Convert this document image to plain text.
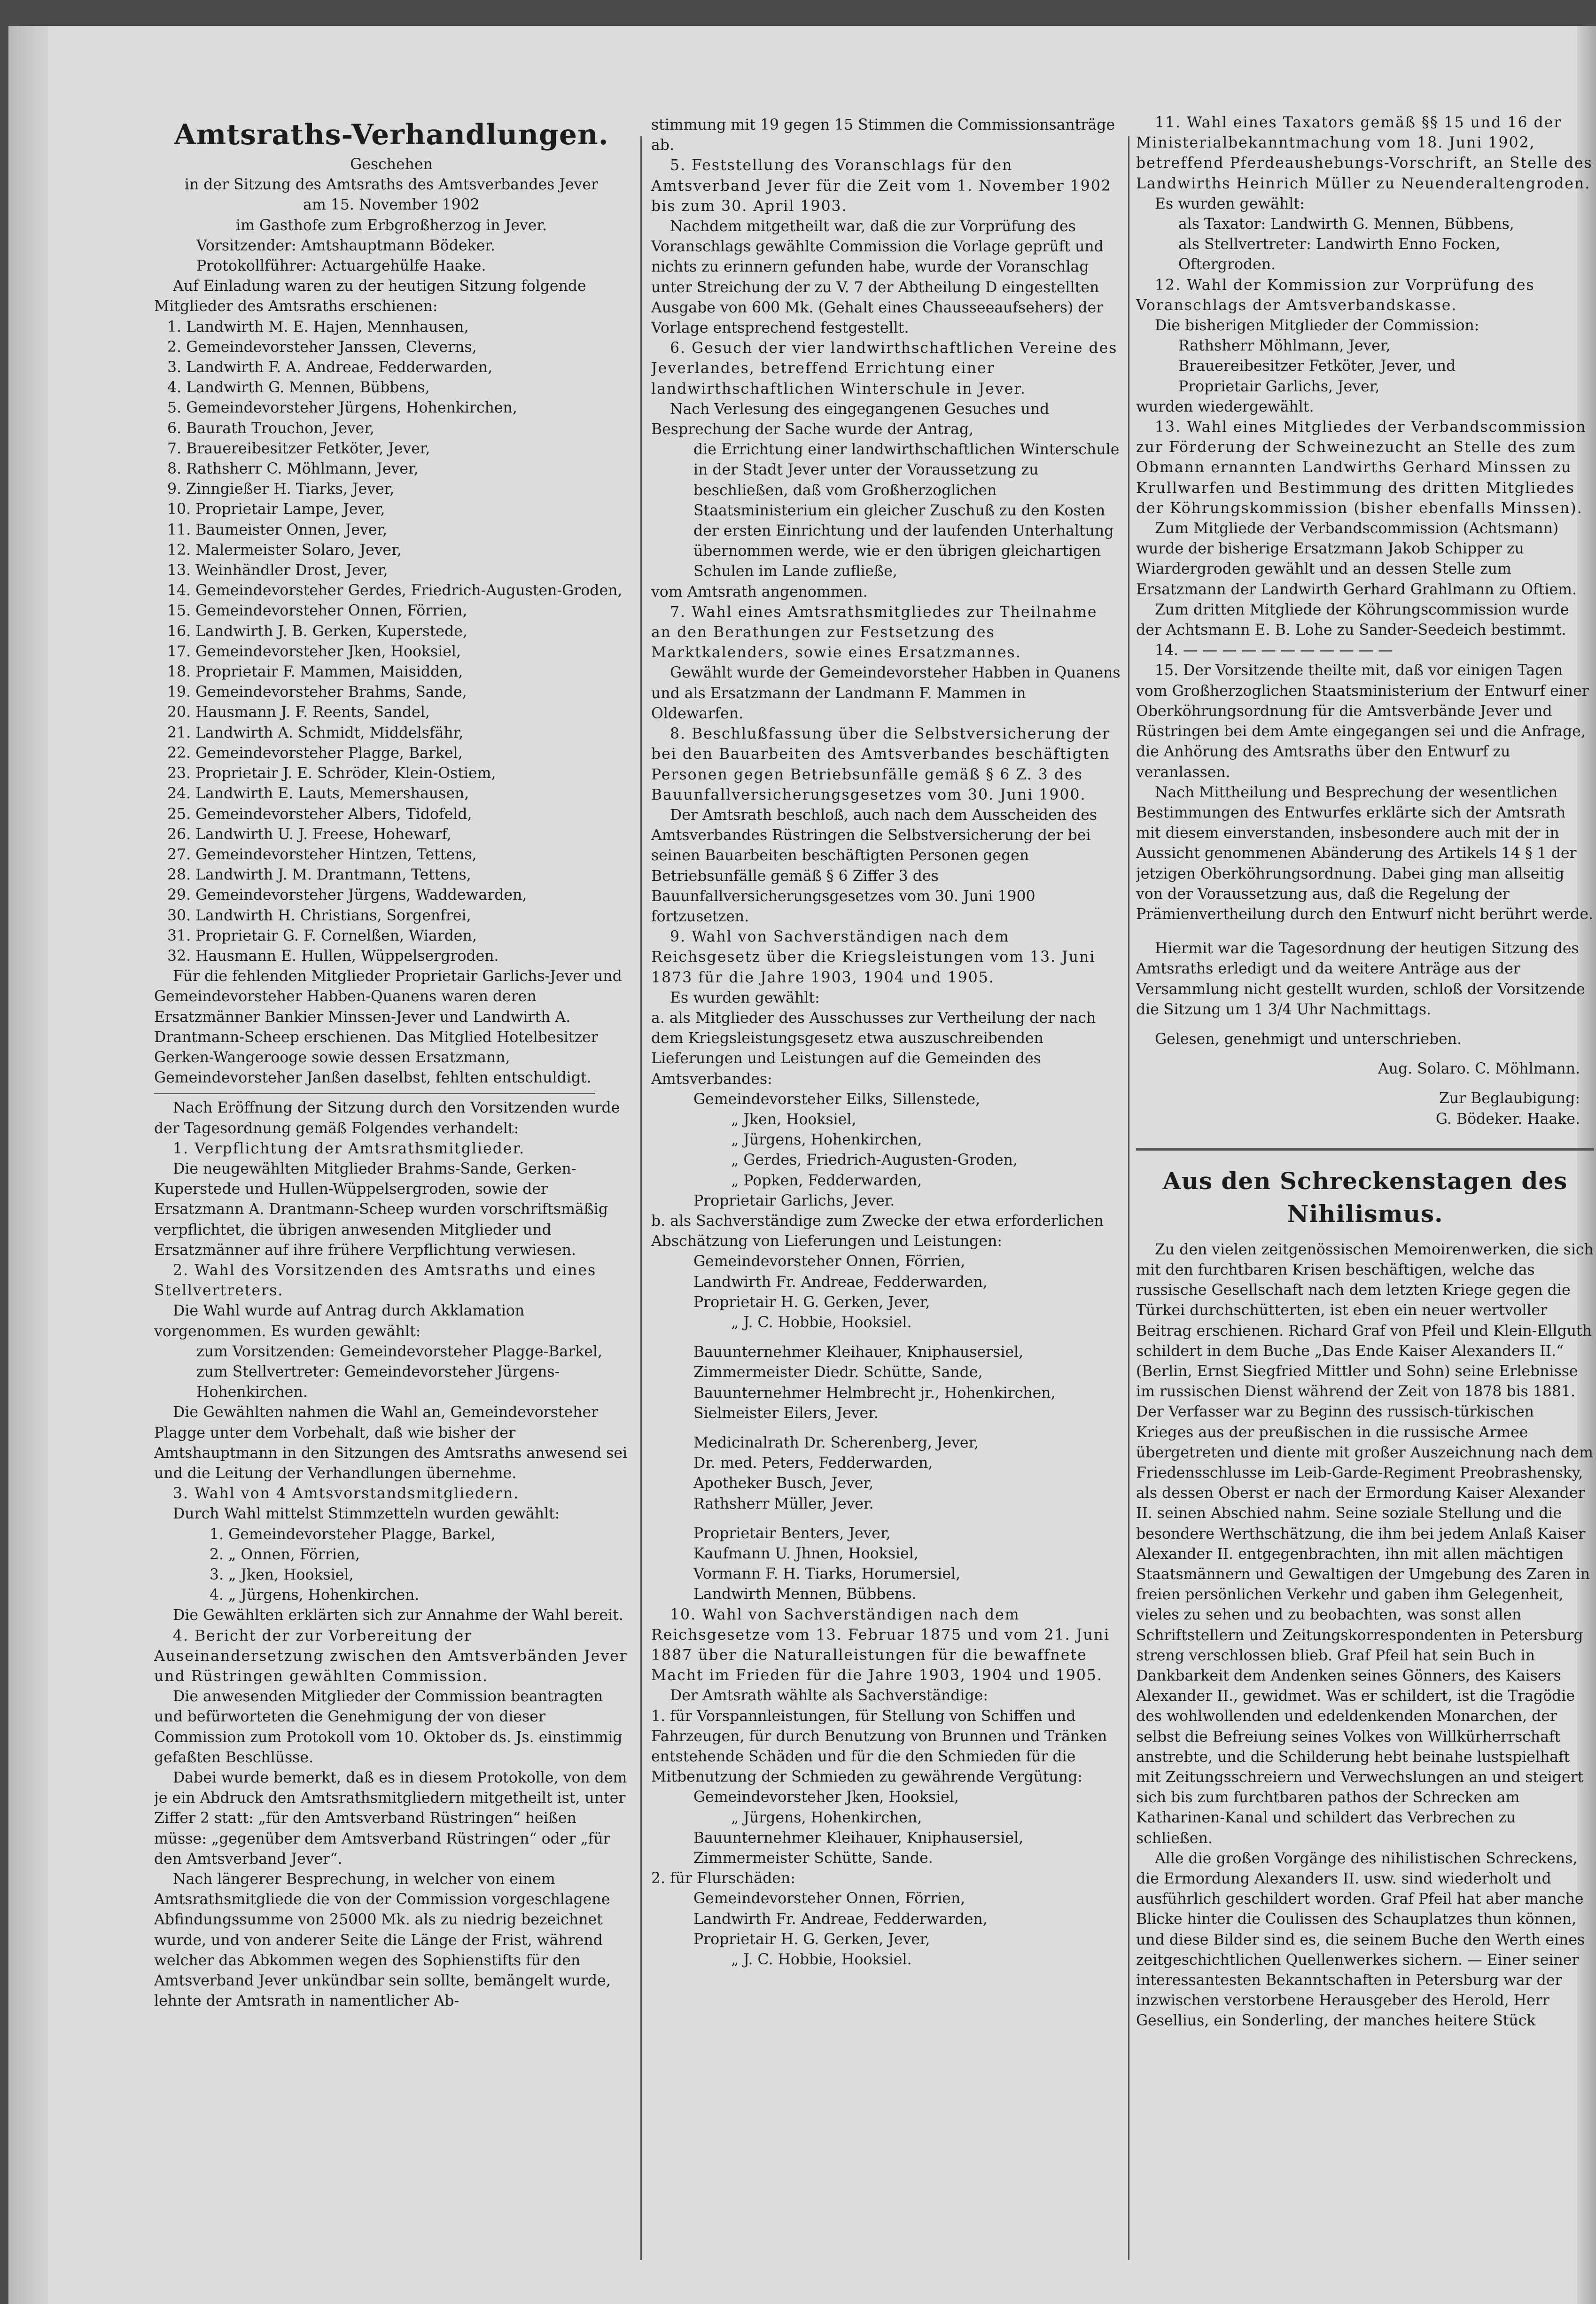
Amtsraths-Verhandlungen.
Geschehen
in der Sitzung des Amtsraths des Amtsverbandes Jever
am 15. November 1902
im Gasthofe zum Erbgroßherzog in Jever.
Vorsitzender: Amtshauptmann Bödeker.
Protokollführer: Actuargehülfe Haake.

Auf Einladung waren zu der heutigen Sitzung folgende Mitglieder des Amtsraths erschienen:

1. Landwirth M. E. Hajen, Mennhausen,
2. Gemeindevorsteher Janssen, Cleverns,
3. Landwirth F. A. Andreae, Fedderwarden,
4. Landwirth G. Mennen, Bübbens,
5. Gemeindevorsteher Jürgens, Hohenkirchen,
6. Baurath Trouchon, Jever,
7. Brauereibesitzer Fetköter, Jever,
8. Rathsherr C. Möhlmann, Jever,
9. Zinngießer H. Tiarks, Jever,
10. Proprietair Lampe, Jever,
11. Baumeister Onnen, Jever,
12. Malermeister Solaro, Jever,
13. Weinhändler Drost, Jever,
14. Gemeindevorsteher Gerdes, Friedrich-Augusten-Groden,
15. Gemeindevorsteher Onnen, Förrien,
16. Landwirth J. B. Gerken, Kuperstede,
17. Gemeindevorsteher Jken, Hooksiel,
18. Proprietair F. Mammen, Maisidden,
19. Gemeindevorsteher Brahms, Sande,
20. Hausmann J. F. Reents, Sandel,
21. Landwirth A. Schmidt, Middelsfähr,
22. Gemeindevorsteher Plagge, Barkel,
23. Proprietair J. E. Schröder, Klein-Ostiem,
24. Landwirth E. Lauts, Memershausen,
25. Gemeindevorsteher Albers, Tidofeld,
26. Landwirth U. J. Freese, Hohewarf,
27. Gemeindevorsteher Hintzen, Tettens,
28. Landwirth J. M. Drantmann, Tettens,
29. Gemeindevorsteher Jürgens, Waddewarden,
30. Landwirth H. Christians, Sorgenfrei,
31. Proprietair G. F. Cornelßen, Wiarden,
32. Hausmann E. Hullen, Wüppelsergroden.

Für die fehlenden Mitglieder Proprietair Garlichs-Jever und Gemeindevorsteher Habben-Quanens waren deren Ersatzmänner Bankier Minssen-Jever und Landwirth A. Drantmann-Scheep erschienen. Das Mitglied Hotelbesitzer Gerken-Wangerooge sowie dessen Ersatzmann, Gemeindevorsteher Janßen daselbst, fehlten entschuldigt.

Nach Eröffnung der Sitzung durch den Vorsitzenden wurde der Tagesordnung gemäß Folgendes verhandelt:

1. Verpflichtung der Amtsrathsmitglieder.

Die neugewählten Mitglieder Brahms-Sande, Gerken-Kuperstede und Hullen-Wüppelsergroden, sowie der Ersatzmann A. Drantmann-Scheep wurden vorschriftsmäßig verpflichtet, die übrigen anwesenden Mitglieder und Ersatzmänner auf ihre frühere Verpflichtung verwiesen.

2. Wahl des Vorsitzenden des Amtsraths und eines Stellvertreters.

Die Wahl wurde auf Antrag durch Akklamation vorgenommen. Es wurden gewählt:

zum Vorsitzenden: Gemeindevorsteher Plagge-Barkel,
zum Stellvertreter: Gemeindevorsteher Jürgens-Hohenkirchen.

Die Gewählten nahmen die Wahl an, Gemeindevorsteher Plagge unter dem Vorbehalt, daß wie bisher der Amtshauptmann in den Sitzungen des Amtsraths anwesend sei und die Leitung der Verhandlungen übernehme.

3. Wahl von 4 Amtsvorstandsmitgliedern.

Durch Wahl mittelst Stimmzetteln wurden gewählt:

1. Gemeindevorsteher Plagge, Barkel,
2. „ Onnen, Förrien,
3. „ Jken, Hooksiel,
4. „ Jürgens, Hohenkirchen.

Die Gewählten erklärten sich zur Annahme der Wahl bereit.

4. Bericht der zur Vorbereitung der Auseinandersetzung zwischen den Amtsverbänden Jever und Rüstringen gewählten Commission.

Die anwesenden Mitglieder der Commission beantragten und befürworteten die Genehmigung der von dieser Commission zum Protokoll vom 10. Oktober ds. Js. einstimmig gefaßten Beschlüsse.

Dabei wurde bemerkt, daß es in diesem Protokolle, von dem je ein Abdruck den Amtsrathsmitgliedern mitgetheilt ist, unter Ziffer 2 statt: „für den Amtsverband Rüstringen“ heißen müsse: „gegenüber dem Amtsverband Rüstringen“ oder „für den Amtsverband Jever“.

Nach längerer Besprechung, in welcher von einem Amtsrathsmitgliede die von der Commission vorgeschlagene Abfindungssumme von 25000 Mk. als zu niedrig bezeichnet wurde, und von anderer Seite die Länge der Frist, während welcher das Abkommen wegen des Sophienstifts für den Amtsverband Jever unkündbar sein sollte, bemängelt wurde, lehnte der Amtsrath in namentlicher Ab-

stimmung mit 19 gegen 15 Stimmen die Commissionsanträge ab.

5. Feststellung des Voranschlags für den Amtsverband Jever für die Zeit vom 1. November 1902 bis zum 30. April 1903.

Nachdem mitgetheilt war, daß die zur Vorprüfung des Voranschlags gewählte Commission die Vorlage geprüft und nichts zu erinnern gefunden habe, wurde der Voranschlag unter Streichung der zu V. 7 der Abtheilung D eingestellten Ausgabe von 600 Mk. (Gehalt eines Chausseeaufsehers) der Vorlage entsprechend festgestellt.

6. Gesuch der vier landwirthschaftlichen Vereine des Jeverlandes, betreffend Errichtung einer landwirthschaftlichen Winterschule in Jever.

Nach Verlesung des eingegangenen Gesuches und Besprechung der Sache wurde der Antrag,

die Errichtung einer landwirthschaftlichen Winterschule in der Stadt Jever unter der Voraussetzung zu beschließen, daß vom Großherzoglichen Staatsministerium ein gleicher Zuschuß zu den Kosten der ersten Einrichtung und der laufenden Unterhaltung übernommen werde, wie er den übrigen gleichartigen Schulen im Lande zufließe,

vom Amtsrath angenommen.

7. Wahl eines Amtsrathsmitgliedes zur Theilnahme an den Berathungen zur Festsetzung des Marktkalenders, sowie eines Ersatzmannes.

Gewählt wurde der Gemeindevorsteher Habben in Quanens und als Ersatzmann der Landmann F. Mammen in Oldewarfen.

8. Beschlußfassung über die Selbstversicherung der bei den Bauarbeiten des Amtsverbandes beschäftigten Personen gegen Betriebsunfälle gemäß § 6 Z. 3 des Bauunfallversicherungsgesetzes vom 30. Juni 1900.

Der Amtsrath beschloß, auch nach dem Ausscheiden des Amtsverbandes Rüstringen die Selbstversicherung der bei seinen Bauarbeiten beschäftigten Personen gegen Betriebsunfälle gemäß § 6 Ziffer 3 des Bauunfallversicherungsgesetzes vom 30. Juni 1900 fortzusetzen.

9. Wahl von Sachverständigen nach dem Reichsgesetz über die Kriegsleistungen vom 13. Juni 1873 für die Jahre 1903, 1904 und 1905.

Es wurden gewählt:

a. als Mitglieder des Ausschusses zur Vertheilung der nach dem Kriegsleistungsgesetz etwa auszuschreibenden Lieferungen und Leistungen auf die Gemeinden des Amtsverbandes:

Gemeindevorsteher Eilks, Sillenstede,
„ Jken, Hooksiel,
„ Jürgens, Hohenkirchen,
„ Gerdes, Friedrich-Augusten-Groden,
„ Popken, Fedderwarden,
Proprietair Garlichs, Jever.

b. als Sachverständige zum Zwecke der etwa erforderlichen Abschätzung von Lieferungen und Leistungen:

Gemeindevorsteher Onnen, Förrien,
Landwirth Fr. Andreae, Fedderwarden,
Proprietair H. G. Gerken, Jever,
„ J. C. Hobbie, Hooksiel.
Bauunternehmer Kleihauer, Kniphausersiel,
Zimmermeister Diedr. Schütte, Sande,
Bauunternehmer Helmbrecht jr., Hohenkirchen,
Sielmeister Eilers, Jever.
Medicinalrath Dr. Scherenberg, Jever,
Dr. med. Peters, Fedderwarden,
Apotheker Busch, Jever,
Rathsherr Müller, Jever.
Proprietair Benters, Jever,
Kaufmann U. Jhnen, Hooksiel,
Vormann F. H. Tiarks, Horumersiel,
Landwirth Mennen, Bübbens.

10. Wahl von Sachverständigen nach dem Reichsgesetze vom 13. Februar 1875 und vom 21. Juni 1887 über die Naturalleistungen für die bewaffnete Macht im Frieden für die Jahre 1903, 1904 und 1905.

Der Amtsrath wählte als Sachverständige:

1. für Vorspannleistungen, für Stellung von Schiffen und Fahrzeugen, für durch Benutzung von Brunnen und Tränken entstehende Schäden und für die den Schmieden für die Mitbenutzung der Schmieden zu gewährende Vergütung:

Gemeindevorsteher Jken, Hooksiel,
„ Jürgens, Hohenkirchen,
Bauunternehmer Kleihauer, Kniphausersiel,
Zimmermeister Schütte, Sande.

2. für Flurschäden:

Gemeindevorsteher Onnen, Förrien,
Landwirth Fr. Andreae, Fedderwarden,
Proprietair H. G. Gerken, Jever,
„ J. C. Hobbie, Hooksiel.

11. Wahl eines Taxators gemäß §§ 15 und 16 der Ministerialbekanntmachung vom 18. Juni 1902, betreffend Pferdeaushebungs-Vorschrift, an Stelle des Landwirths Heinrich Müller zu Neuenderaltengroden.

Es wurden gewählt:

als Taxator: Landwirth G. Mennen, Bübbens,
als Stellvertreter: Landwirth Enno Focken, Oftergroden.

12. Wahl der Kommission zur Vorprüfung des Voranschlags der Amtsverbandskasse.

Die bisherigen Mitglieder der Commission:

Rathsherr Möhlmann, Jever,
Brauereibesitzer Fetköter, Jever, und
Proprietair Garlichs, Jever,

wurden wiedergewählt.

13. Wahl eines Mitgliedes der Verbandscommission zur Förderung der Schweinezucht an Stelle des zum Obmann ernannten Landwirths Gerhard Minssen zu Krullwarfen und Bestimmung des dritten Mitgliedes der Köhrungskommission (bisher ebenfalls Minssen).

Zum Mitgliede der Verbandscommission (Achtsmann) wurde der bisherige Ersatzmann Jakob Schipper zu Wiardergroden gewählt und an dessen Stelle zum Ersatzmann der Landwirth Gerhard Grahlmann zu Oftiem.

Zum dritten Mitgliede der Köhrungscommission wurde der Achtsmann E. B. Lohe zu Sander-Seedeich bestimmt.

14. — — — — — — — — — — —

15. Der Vorsitzende theilte mit, daß vor einigen Tagen vom Großherzoglichen Staatsministerium der Entwurf einer Oberköhrungsordnung für die Amtsverbände Jever und Rüstringen bei dem Amte eingegangen sei und die Anfrage, die Anhörung des Amtsraths über den Entwurf zu veranlassen.

Nach Mittheilung und Besprechung der wesentlichen Bestimmungen des Entwurfes erklärte sich der Amtsrath mit diesem einverstanden, insbesondere auch mit der in Aussicht genommenen Abänderung des Artikels 14 § 1 der jetzigen Oberköhrungsordnung. Dabei ging man allseitig von der Voraussetzung aus, daß die Regelung der Prämienvertheilung durch den Entwurf nicht berührt werde.

Hiermit war die Tagesordnung der heutigen Sitzung des Amtsraths erledigt und da weitere Anträge aus der Versammlung nicht gestellt wurden, schloß der Vorsitzende die Sitzung um 1 3/4 Uhr Nachmittags.

Gelesen, genehmigt und unterschrieben.

Aug. Solaro. C. Möhlmann.
Zur Beglaubigung:
G. Bödeker. Haake.
Aus den Schreckenstagen des Nihilismus.

Zu den vielen zeitgenössischen Memoirenwerken, die sich mit den furchtbaren Krisen beschäftigen, welche das russische Gesellschaft nach dem letzten Kriege gegen die Türkei durchschütterten, ist eben ein neuer wertvoller Beitrag erschienen. Richard Graf von Pfeil und Klein-Ellguth schildert in dem Buche „Das Ende Kaiser Alexanders II.“ (Berlin, Ernst Siegfried Mittler und Sohn) seine Erlebnisse im russischen Dienst während der Zeit von 1878 bis 1881. Der Verfasser war zu Beginn des russisch-türkischen Krieges aus der preußischen in die russische Armee übergetreten und diente mit großer Auszeichnung nach dem Friedensschlusse im Leib-Garde-Regiment Preobrashensky, als dessen Oberst er nach der Ermordung Kaiser Alexander II. seinen Abschied nahm. Seine soziale Stellung und die besondere Werthschätzung, die ihm bei jedem Anlaß Kaiser Alexander II. entgegenbrachten, ihn mit allen mächtigen Staatsmännern und Gewaltigen der Umgebung des Zaren in freien persönlichen Verkehr und gaben ihm Gelegenheit, vieles zu sehen und zu beobachten, was sonst allen Schriftstellern und Zeitungskorrespondenten in Petersburg streng verschlossen blieb. Graf Pfeil hat sein Buch in Dankbarkeit dem Andenken seines Gönners, des Kaisers Alexander II., gewidmet. Was er schildert, ist die Tragödie des wohlwollenden und edeldenkenden Monarchen, der selbst die Befreiung seines Volkes von Willkürherrschaft anstrebte, und die Schilderung hebt beinahe lustspielhaft mit Zeitungsschreiern und Verwechslungen an und steigert sich bis zum furchtbaren pathos der Schrecken am Katharinen-Kanal und schildert das Verbrechen zu schließen.

Alle die großen Vorgänge des nihilistischen Schreckens, die Ermordung Alexanders II. usw. sind wiederholt und ausführlich geschildert worden. Graf Pfeil hat aber manche Blicke hinter die Coulissen des Schauplatzes thun können, und diese Bilder sind es, die seinem Buche den Werth eines zeitgeschichtlichen Quellenwerkes sichern. — Einer seiner interessantesten Bekanntschaften in Petersburg war der inzwischen verstorbene Herausgeber des Herold, Herr Gesellius, ein Sonderling, der manches heitere Stück
